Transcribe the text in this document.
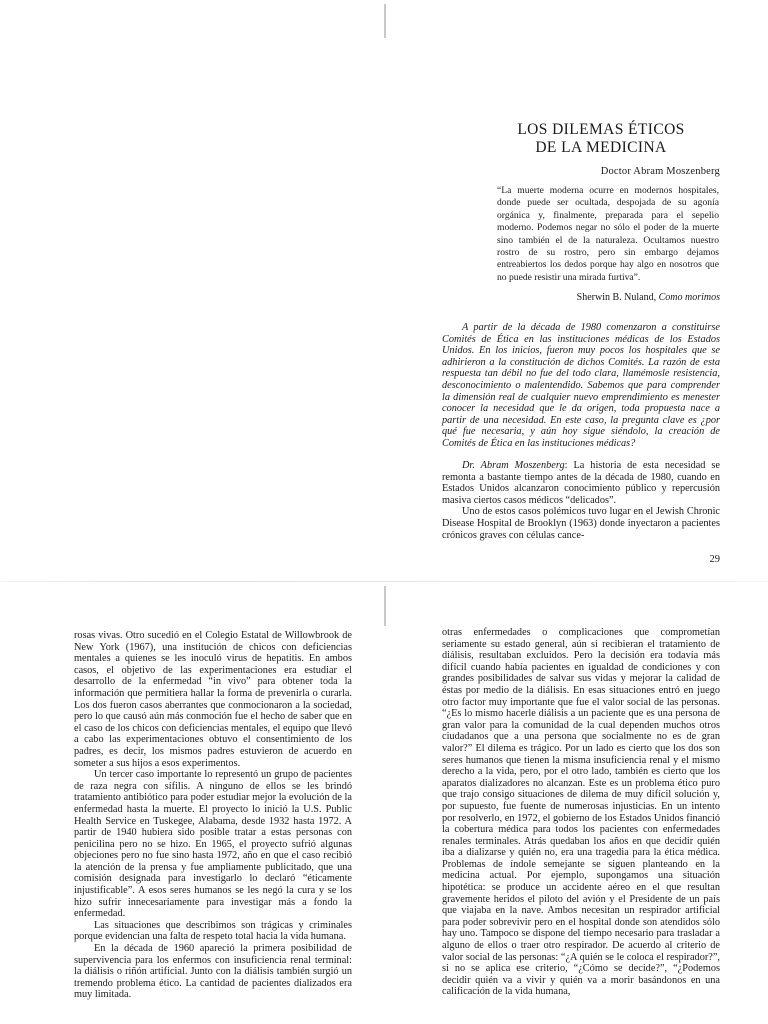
LOS DILEMAS ÉTICOS
DE LA MEDICINA
Doctor Abram Moszenberg
“La muerte moderna ocurre en modernos hospitales, donde puede ser ocultada, despojada de su agonía orgánica y, finalmente, preparada para el sepelio moderno. Podemos negar no sólo el poder de la muerte sino también el de la naturaleza. Ocultamos nuestro rostro de su rostro, pero sin embargo dejamos entreabiertos los dedos porque hay algo en nosotros que no puede resistir una mirada furtiva”.
Sherwin B. Nuland, Como morimos

A partir de la década de 1980 comenzaron a constituirse Comités de Ética en las instituciones médicas de los Estados Unidos. En los inicios, fueron muy pocos los hospitales que se adhirieron a la constitución de dichos Comités. La razón de esta respuesta tan débil no fue del todo clara, llamémosle resistencia, desconocimiento o malentendido. Sabemos que para comprender la dimensión real de cualquier nuevo emprendimiento es menester conocer la necesidad que le da origen, toda propuesta nace a partir de una necesidad. En este caso, la pregunta clave es ¿por qué fue necesaria, y aún hoy sigue siéndolo, la creación de Comités de Ética en las instituciones médicas?

Dr. Abram Moszenberg: La historia de esta necesidad se remonta a bastante tiempo antes de la década de 1980, cuando en Estados Unidos alcanzaron conocimiento público y repercusión masiva ciertos casos médicos “delicados”.

Uno de estos casos polémicos tuvo lugar en el Jewish Chronic Disease Hospital de Brooklyn (1963) donde inyectaron a pacientes crónicos graves con células cance-

29

rosas vivas. Otro sucedió en el Colegio Estatal de Willowbrook de New York (1967), una institución de chicos con deficiencias mentales a quienes se les inoculó virus de hepatitis. En ambos casos, el objetivo de las experimentaciones era estudiar el desarrollo de la enfermedad “in vivo” para obtener toda la información que permitiera hallar la forma de prevenirla o curarla. Los dos fueron casos aberrantes que conmocionaron a la sociedad, pero lo que causó aún más conmoción fue el hecho de saber que en el caso de los chicos con deficiencias mentales, el equipo que llevó a cabo las experimentaciones obtuvo el consentimiento de los padres, es decir, los mismos padres estuvieron de acuerdo en someter a sus hijos a esos experimentos.

Un tercer caso importante lo representó un grupo de pacientes de raza negra con sífilis. A ninguno de ellos se les brindó tratamiento antibiótico para poder estudiar mejor la evolución de la enfermedad hasta la muerte. El proyecto lo inició la U.S. Public Health Service en Tuskegee, Alabama, desde 1932 hasta 1972. A partir de 1940 hubiera sido posible tratar a estas personas con penicilina pero no se hizo. En 1965, el proyecto sufrió algunas objeciones pero no fue sino hasta 1972, año en que el caso recibió la atención de la prensa y fue ampliamente publicitado, que una comisión designada para investigarlo lo declaró “éticamente injustificable”. A esos seres humanos se les negó la cura y se los hizo sufrir innecesariamente para investigar más a fondo la enfermedad.

Las situaciones que describimos son trágicas y criminales porque evidencian una falta de respeto total hacia la vida humana.

En la década de 1960 apareció la primera posibilidad de supervivencia para los enfermos con insuficiencia renal terminal: la diálisis o riñón artificial. Junto con la diálisis también surgió un tremendo problema ético. La cantidad de pacientes dializados era muy limitada.

otras enfermedades o complicaciones que comprometían seriamente su estado general, aún si recibieran el tratamiento de diálisis, resultaban excluidos. Pero la decisión era todavía más difícil cuando había pacientes en igualdad de condiciones y con grandes posibilidades de salvar sus vidas y mejorar la calidad de éstas por medio de la diálisis. En esas situaciones entró en juego otro factor muy importante que fue el valor social de las personas. “¿Es lo mismo hacerle diálisis a un paciente que es una persona de gran valor para la comunidad de la cual dependen muchos otros ciudadanos que a una persona que socialmente no es de gran valor?” El dilema es trágico. Por un lado es cierto que los dos son seres humanos que tienen la misma insuficiencia renal y el mismo derecho a la vida, pero, por el otro lado, también es cierto que los aparatos dializadores no alcanzan. Este es un problema ético puro que trajo consigo situaciones de dilema de muy difícil solución y, por supuesto, fue fuente de numerosas injusticias. En un intento por resolverlo, en 1972, el gobierno de los Estados Unidos financió la cobertura médica para todos los pacientes con enfermedades renales terminales. Atrás quedaban los años en que decidir quién iba a dializarse y quién no, era una tragedia para la ética médica. Problemas de índole semejante se siguen planteando en la medicina actual. Por ejemplo, supongamos una situación hipotética: se produce un accidente aéreo en el que resultan gravemente heridos el piloto del avión y el Presidente de un país que viajaba en la nave. Ambos necesitan un respirador artificial para poder sobrevivir pero en el hospital donde son atendidos sólo hay uno. Tampoco se dispone del tiempo necesario para trasladar a alguno de ellos o traer otro respirador. De acuerdo al criterio de valor social de las personas: “¿A quién se le coloca el respirador?”, si no se aplica ese criterio, “¿Cómo se decide?”, “¿Podemos decidir quién va a vivir y quién va a morir basándonos en una calificación de la vida humana,
